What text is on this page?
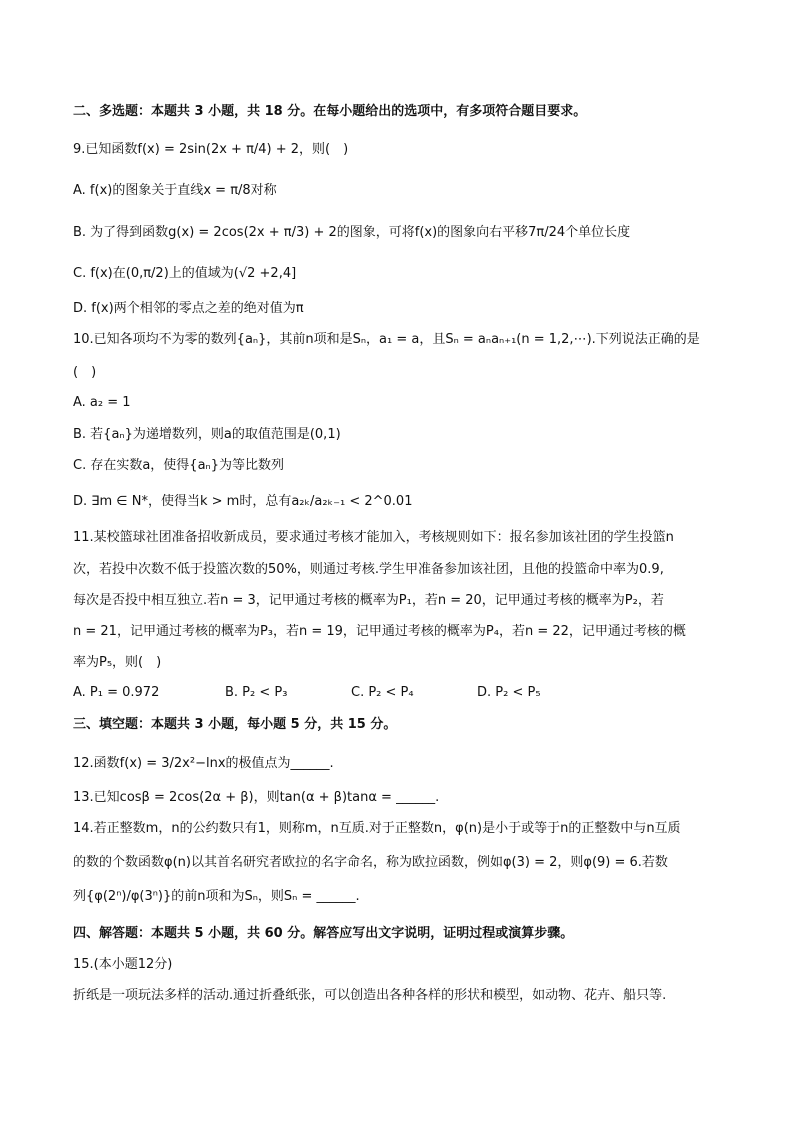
二、多选题：本题共 3 小题，共 18 分。在每小题给出的选项中，有多项符合题目要求。
9.已知函数f(x) = 2sin(2x + π/4) + 2，则(　)
A. f(x)的图象关于直线x = π/8对称
B. 为了得到函数g(x) = 2cos(2x + π/3) + 2的图象，可将f(x)的图象向右平移7π/24个单位长度
C. f(x)在(0,π/2)上的值域为(√2 +2,4]
D. f(x)两个相邻的零点之差的绝对值为π
10.已知各项均不为零的数列{aₙ}，其前n项和是Sₙ，a₁ = a，且Sₙ = aₙaₙ₊₁(n = 1,2,⋯).下列说法正确的是
(　)
A. a₂ = 1
B. 若{aₙ}为递增数列，则a的取值范围是(0,1)
C. 存在实数a，使得{aₙ}为等比数列
D. ∃m ∈ N*，使得当k > m时，总有a₂ₖ/a₂ₖ₋₁ < 2^0.01
11.某校篮球社团准备招收新成员，要求通过考核才能加入，考核规则如下：报名参加该社团的学生投篮n
次，若投中次数不低于投篮次数的50%，则通过考核.学生甲准备参加该社团，且他的投篮命中率为0.9,
每次是否投中相互独立.若n = 3，记甲通过考核的概率为P₁，若n = 20，记甲通过考核的概率为P₂，若
n = 21，记甲通过考核的概率为P₃，若n = 19，记甲通过考核的概率为P₄，若n = 22，记甲通过考核的概
率为P₅，则(　)
A. P₁ = 0.972	B. P₂ < P₃	C. P₂ < P₄	D. P₂ < P₅
三、填空题：本题共 3 小题，每小题 5 分，共 15 分。
12.函数f(x) = 3/2x²−lnx的极值点为______.
13.已知cosβ = 2cos(2α + β)，则tan(α + β)tanα = ______.
14.若正整数m，n的公约数只有1，则称m，n互质.对于正整数n，φ(n)是小于或等于n的正整数中与n互质
的数的个数函数φ(n)以其首名研究者欧拉的名字命名，称为欧拉函数，例如φ(3) = 2，则φ(9) = 6.若数
列{φ(2ⁿ)/φ(3ⁿ)}的前n项和为Sₙ，则Sₙ = ______.
四、解答题：本题共 5 小题，共 60 分。解答应写出文字说明，证明过程或演算步骤。
15.(本小题12分)
折纸是一项玩法多样的活动.通过折叠纸张，可以创造出各种各样的形状和模型，如动物、花卉、船只等.
